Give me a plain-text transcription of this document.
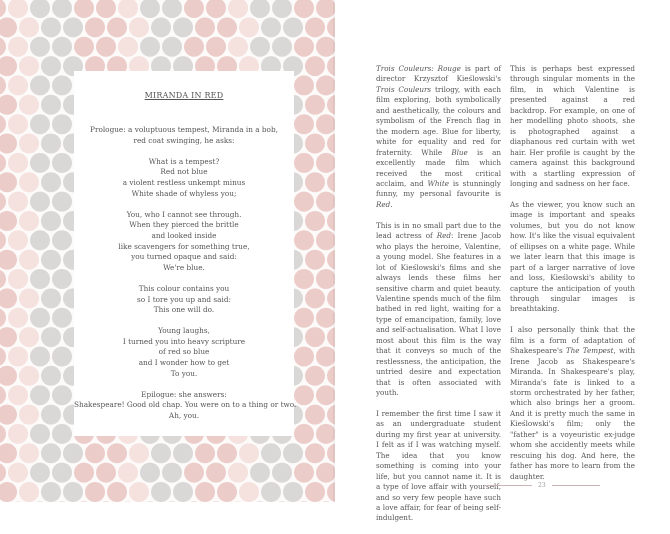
MIRANDA IN RED
Prologue: a voluptuous tempest, Miranda in a bob,
red coat swinging, he asks:
What is a tempest?
Red not blue
a violent restless unkempt minus
White shade of whyless you;
You, who I cannot see through.
When they pierced the brittle
and looked inside
like scavengers for something true,
you turned opaque and said:
We're blue.
This colour contains you
so I tore you up and said:
This one will do.
Young laughs,
I turned you into heavy scripture
of red so blue
and I wonder how to get
To you.
Epilogue: she answers:
Shakespeare! Good old chap. You were on to a thing or two.
Ah, you.

Trois Couleurs: Rouge is part of director Krzysztof Kieślowski's Trois Couleurs trilogy, with each film exploring, both symbolically and aesthetically, the colours and symbolism of the French flag in the modern age. Blue for liberty, white for equality and red for fraternity. While Blue is an excellently made film which received the most critical acclaim, and White is stunningly funny, my personal favourite is Red.

This is in no small part due to the lead actress of Red: Irene Jacob who plays the heroine, Valentine, a young model. She features in a lot of Kieślowski's films and she always lends these films her sensitive charm and quiet beauty. Valentine spends much of the film bathed in red light, waiting for a type of emancipation, family, love and self-actualisation. What I love most about this film is the way that it conveys so much of the restlessness, the anticipation, the untried desire and expectation that is often associated with youth.

I remember the first time I saw it as an undergraduate student during my first year at university. I felt as if I was watching myself. The idea that you know something is coming into your life, but you cannot name it. It is a type of love affair with yourself, and so very few people have such a love affair, for fear of being self-indulgent.

This is perhaps best expressed through singular moments in the film, in which Valentine is presented against a red backdrop. For example, on one of her modelling photo shoots, she is photographed against a diaphanous red curtain with wet hair. Her profile is caught by the camera against this background with a startling expression of longing and sadness on her face.

As the viewer, you know such an image is important and speaks volumes, but you do not know how. It's like the visual equivalent of ellipses on a white page. While we later learn that this image is part of a larger narrative of love and loss, Kieślowski's ability to capture the anticipation of youth through singular images is breathtaking.

I also personally think that the film is a form of adaptation of Shakespeare's The Tempest, with Irene Jacob as Shakespeare's Miranda. In Shakespeare's play, Miranda's fate is linked to a storm orchestrated by her father, which also brings her a groom. And it is pretty much the same in Kieślowski's film; only the "father" is a voyeuristic ex-judge whom she accidently meets while rescuing his dog. And here, the father has more to learn from the daughter.

23
